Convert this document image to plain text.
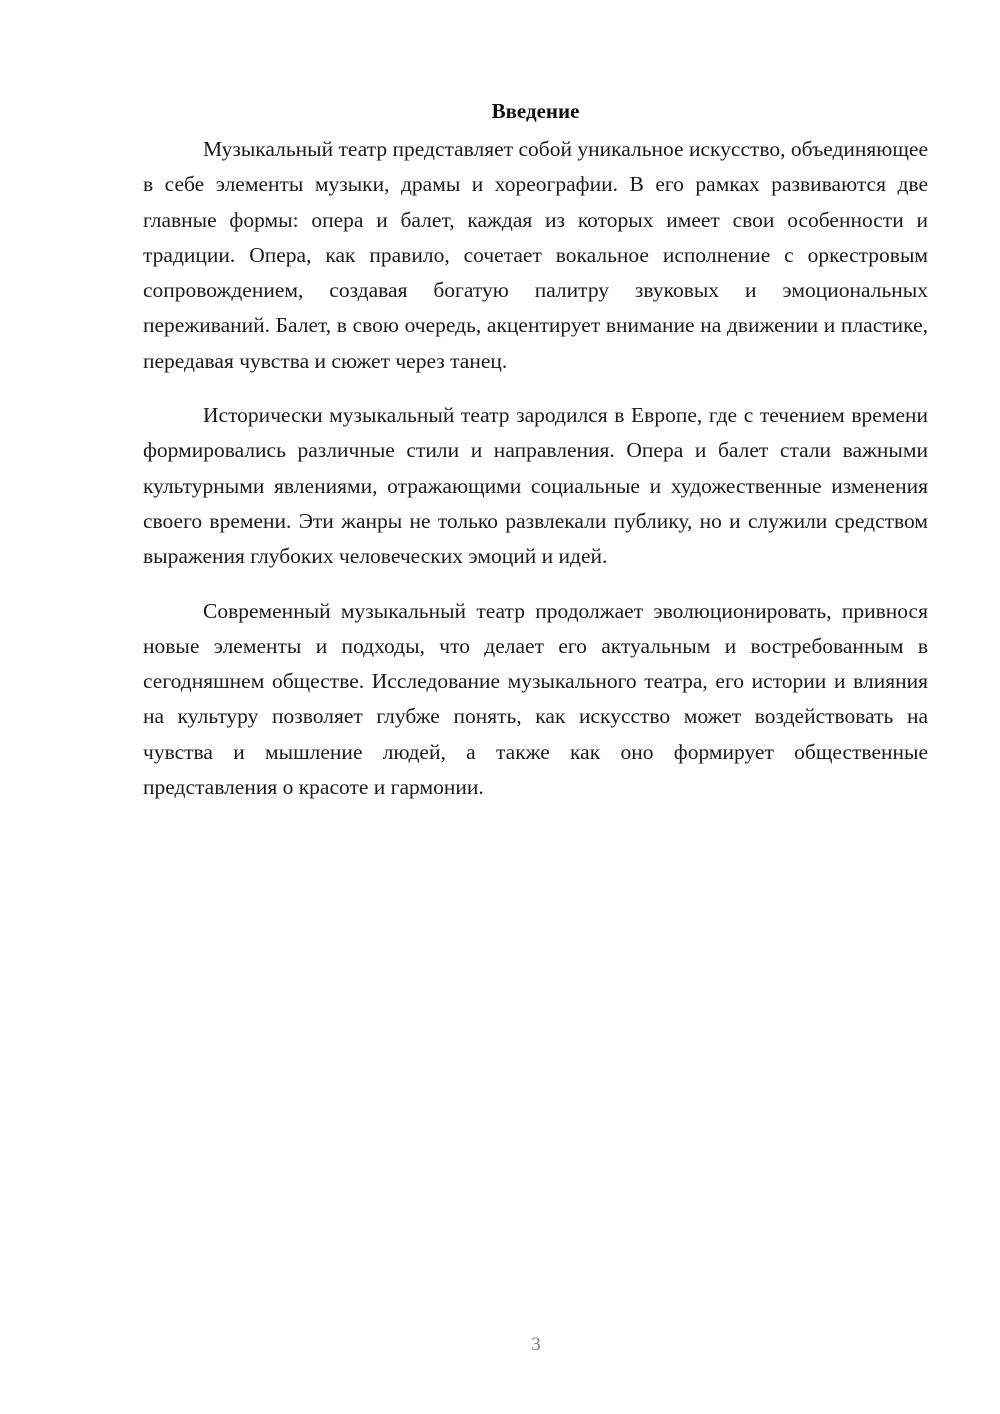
Введение

Музыкальный театр представляет собой уникальное искусство, объединяющее в себе элементы музыки, драмы и хореографии. В его рамках развиваются две главные формы: опера и балет, каждая из которых имеет свои особенности и традиции. Опера, как правило, сочетает вокальное исполнение с оркестровым сопровождением, создавая богатую палитру звуковых и эмоциональных переживаний. Балет, в свою очередь, акцентирует внимание на движении и пластике, передавая чувства и сюжет через танец.

Исторически музыкальный театр зародился в Европе, где с течением времени формировались различные стили и направления. Опера и балет стали важными культурными явлениями, отражающими социальные и художественные изменения своего времени. Эти жанры не только развлекали публику, но и служили средством выражения глубоких человеческих эмоций и идей.

Современный музыкальный театр продолжает эволюционировать, привнося новые элементы и подходы, что делает его актуальным и востребованным в сегодняшнем обществе. Исследование музыкального театра, его истории и влияния на культуру позволяет глубже понять, как искусство может воздействовать на чувства и мышление людей, а также как оно формирует общественные представления о красоте и гармонии.

3
